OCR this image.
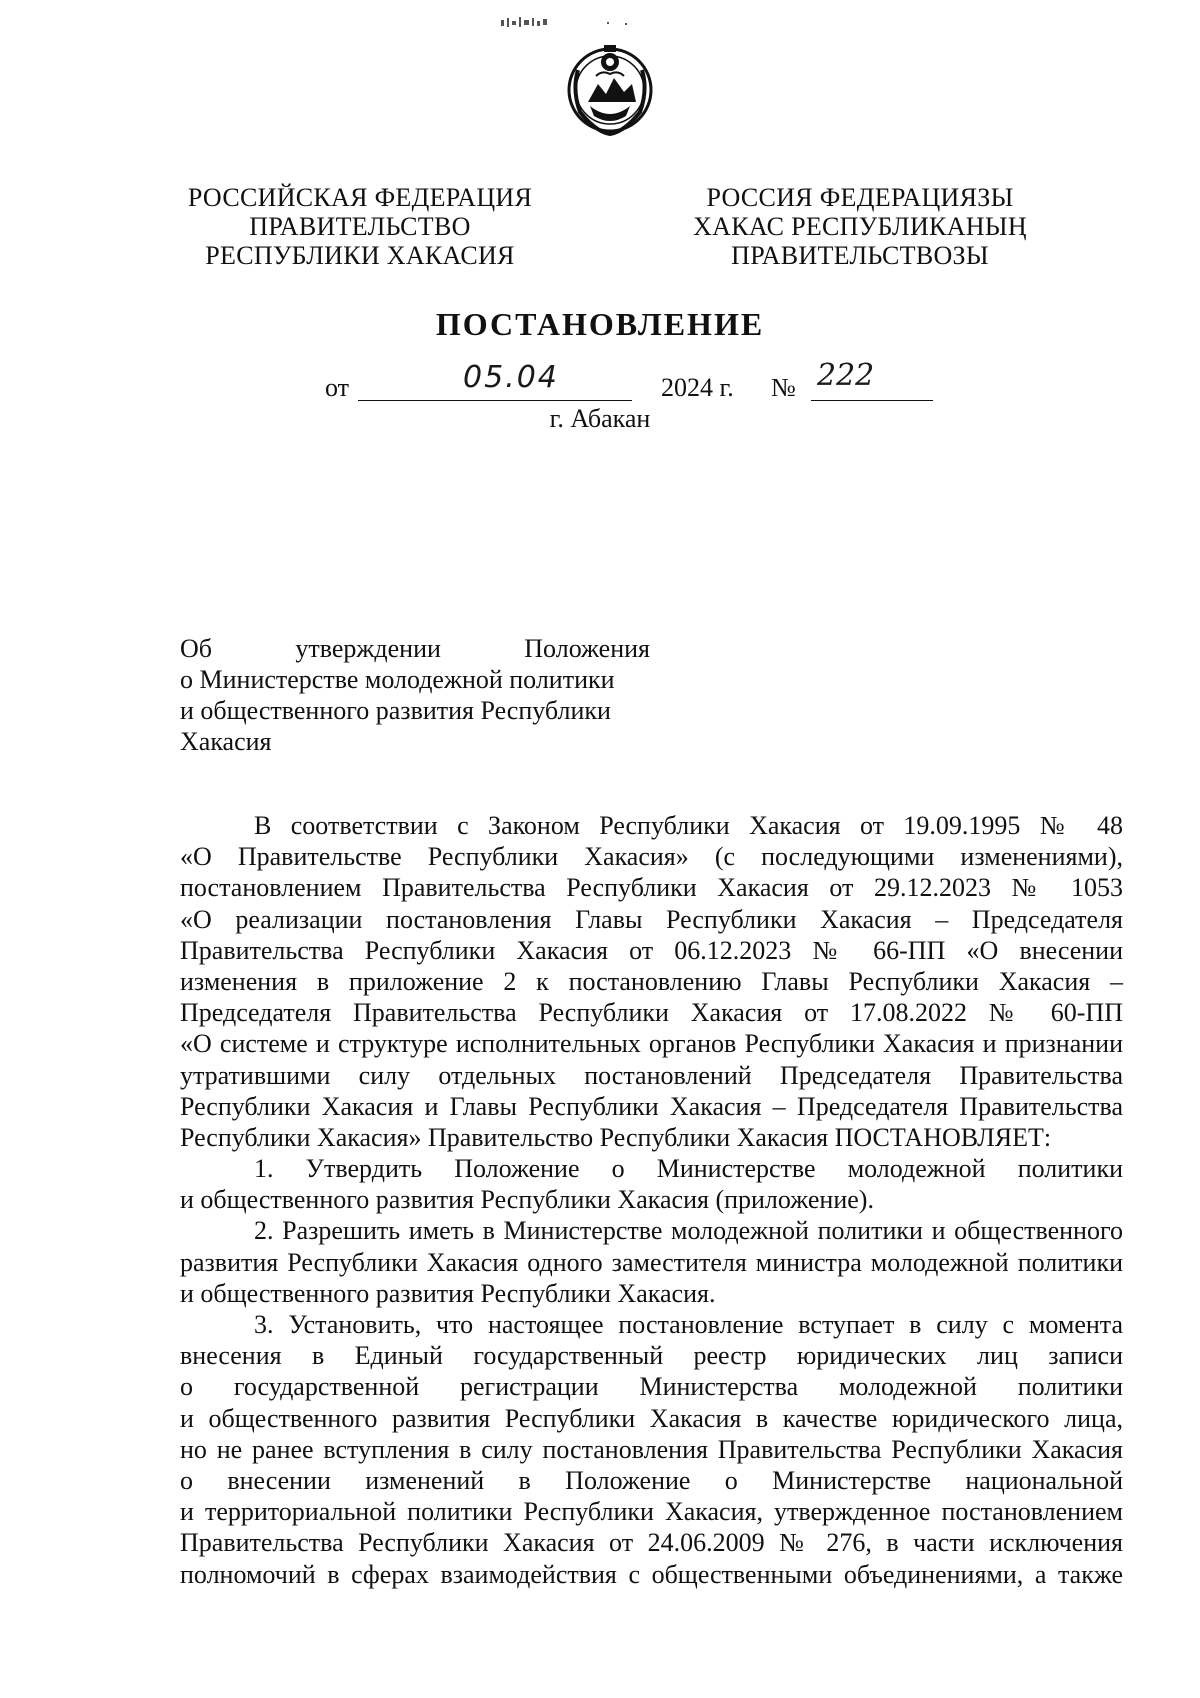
РОССИЙСКАЯ ФЕДЕРАЦИЯ
ПРАВИТЕЛЬСТВО
РЕСПУБЛИКИ ХАКАСИЯ
РОССИЯ ФЕДЕРАЦИЯЗЫ
ХАКАС РЕСПУБЛИКАНЫҢ
ПРАВИТЕЛЬСТВОЗЫ
ПОСТАНОВЛЕНИЕ
от	05.04	2024 г. № 222
г. Абакан
Об	утверждении	Положения
о Министерстве молодежной политики
и общественного развития Республики
Хакасия
В соответствии с Законом Республики Хакасия от 19.09.1995 № 48
«О Правительстве Республики Хакасия» (с последующими изменениями),
постановлением Правительства Республики Хакасия от 29.12.2023 № 1053
«О реализации постановления Главы Республики Хакасия – Председателя
Правительства Республики Хакасия от 06.12.2023 № 66-ПП «О внесении
изменения в приложение 2 к постановлению Главы Республики Хакасия –
Председателя Правительства Республики Хакасия от 17.08.2022 № 60-ПП
«О системе и структуре исполнительных органов Республики Хакасия и признании
утратившими силу отдельных постановлений Председателя Правительства
Республики Хакасия и Главы Республики Хакасия – Председателя Правительства
Республики Хакасия» Правительство Республики Хакасия ПОСТАНОВЛЯЕТ:
1. Утвердить Положение о Министерстве молодежной политики
и общественного развития Республики Хакасия (приложение).
2. Разрешить иметь в Министерстве молодежной политики и общественного
развития Республики Хакасия одного заместителя министра молодежной политики
и общественного развития Республики Хакасия.
3. Установить, что настоящее постановление вступает в силу с момента
внесения в Единый государственный реестр юридических лиц записи
о государственной регистрации Министерства молодежной политики
и общественного развития Республики Хакасия в качестве юридического лица,
но не ранее вступления в силу постановления Правительства Республики Хакасия
о внесении изменений в Положение о Министерстве национальной
и территориальной политики Республики Хакасия, утвержденное постановлением
Правительства Республики Хакасия от 24.06.2009 № 276, в части исключения
полномочий в сферах взаимодействия с общественными объединениями, а также
